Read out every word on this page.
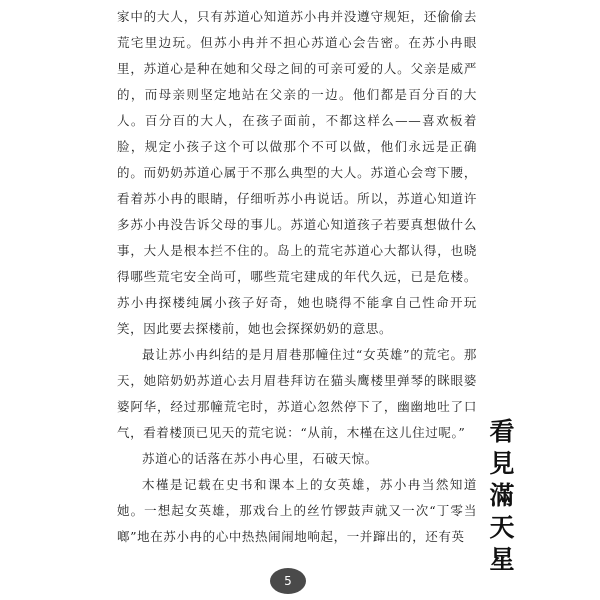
家中的大人，只有苏道心知道苏小冉并没遵守规矩，还偷偷去荒宅里边玩。但苏小冉并不担心苏道心会告密。在苏小冉眼里，苏道心是种在她和父母之间的可亲可爱的人。父亲是威严的，而母亲则坚定地站在父亲的一边。他们都是百分百的大人。百分百的大人，在孩子面前，不都这样么——喜欢板着脸，规定小孩子这个可以做那个不可以做，他们永远是正确的。而奶奶苏道心属于不那么典型的大人。苏道心会弯下腰，看着苏小冉的眼睛，仔细听苏小冉说话。所以，苏道心知道许多苏小冉没告诉父母的事儿。苏道心知道孩子若要真想做什么事，大人是根本拦不住的。岛上的荒宅苏道心大都认得，也晓得哪些荒宅安全尚可，哪些荒宅建成的年代久远，已是危楼。苏小冉探楼纯属小孩子好奇，她也晓得不能拿自己性命开玩笑，因此要去探楼前，她也会探探奶奶的意思。

最让苏小冉纠结的是月眉巷那幢住过“女英雄”的荒宅。那天，她陪奶奶苏道心去月眉巷拜访在猫头鹰楼里弹琴的眯眼婆婆阿华，经过那幢荒宅时，苏道心忽然停下了，幽幽地吐了口气，看着楼顶已见天的荒宅说：“从前，木槿在这儿住过呢。”

苏道心的话落在苏小冉心里，石破天惊。

木槿是记载在史书和课本上的女英雄，苏小冉当然知道她。一想起女英雄，那戏台上的丝竹锣鼓声就又一次“丁零当啷”地在苏小冉的心中热热闹闹地响起，一并蹿出的，还有英

看
見
滿
天
星
5
